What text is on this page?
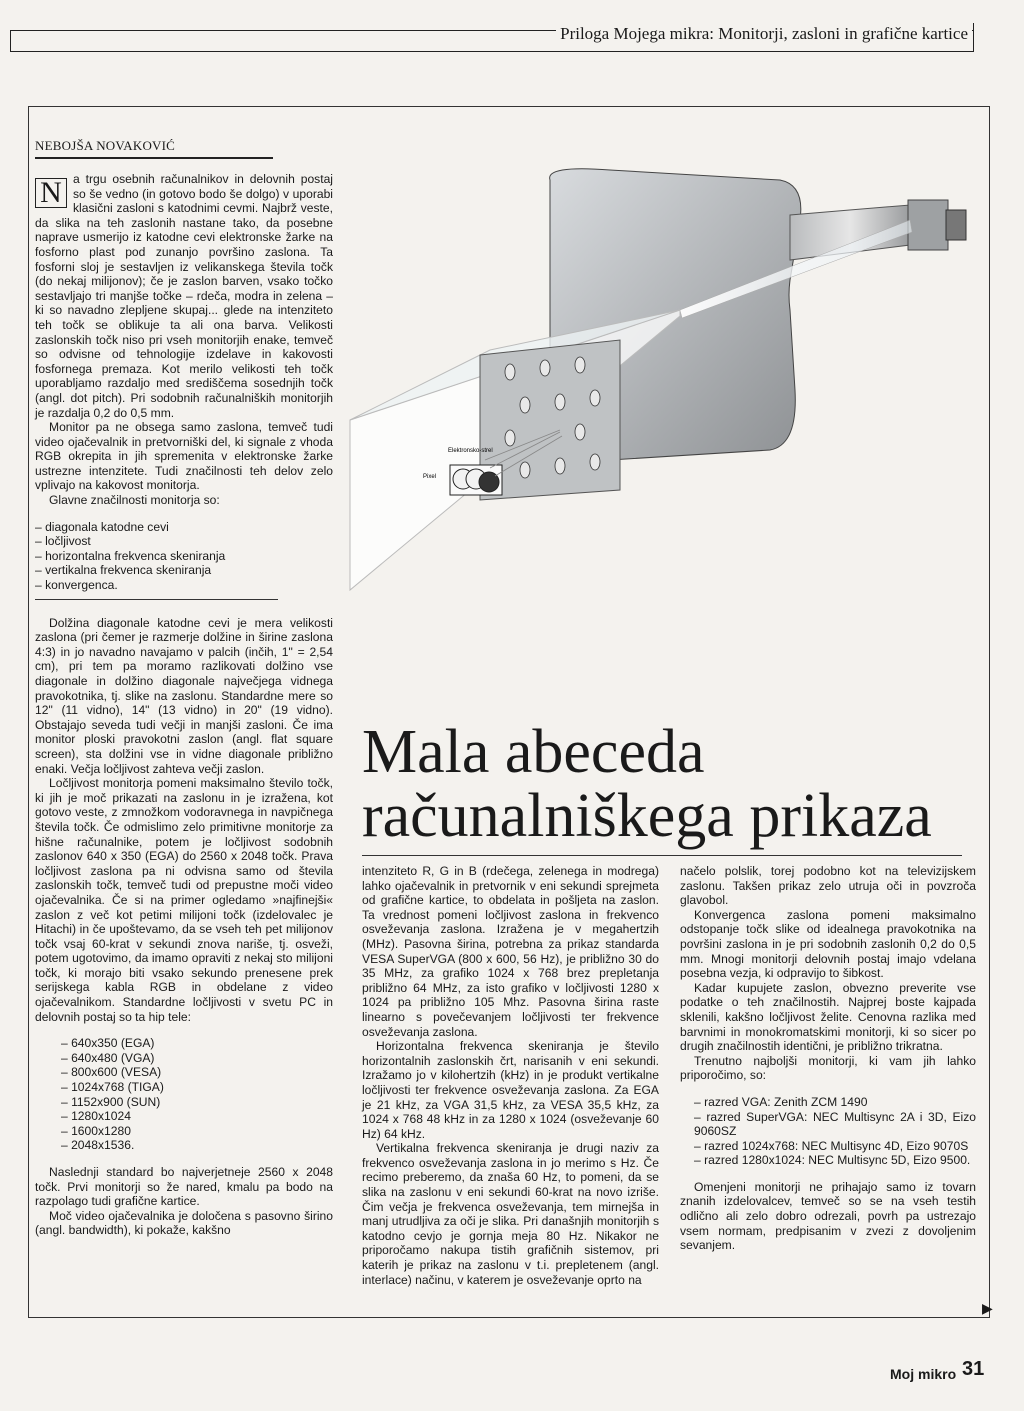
Priloga Mojega mikra: Monitorji, zasloni in grafične kartice
NEBOJŠA NOVAKOVIĆ
Elektronsko-strel
Pixel

N a trgu osebnih računalnikov in delovnih postaj so še vedno (in gotovo bodo še dolgo) v uporabi klasični zasloni s katodnimi cevmi. Najbrž veste, da slika na teh zaslonih nastane tako, da posebne naprave usmerijo iz katodne cevi elektronske žarke na fosforno plast pod zunanjo površino zaslona. Ta fosforni sloj je sestavljen iz velikanskega števila točk (do nekaj milijonov); če je zaslon barven, vsako točko sestavljajo tri manjše točke – rdeča, modra in zelena – ki so navadno zlepljene skupaj... glede na intenziteto teh točk se oblikuje ta ali ona barva. Velikosti zaslonskih točk niso pri vseh monitorjih enake, temveč so odvisne od tehnologije izdelave in kakovosti fosfornega premaza. Kot merilo velikosti teh točk uporabljamo razdaljo med središčema sosednjih točk (angl. dot pitch). Pri sodobnih računalniških monitorjih je razdalja 0,2 do 0,5 mm.

Monitor pa ne obsega samo zaslona, temveč tudi video ojačevalnik in pretvorniški del, ki signale z vhoda RGB okrepita in jih spremenita v elektronske žarke ustrezne intenzitete. Tudi značilnosti teh delov zelo vplivajo na kakovost monitorja.

Glavne značilnosti monitorja so:

– diagonala katodne cevi
– ločljivost
– horizontalna frekvenca skeniranja
– vertikalna frekvenca skeniranja
– konvergenca.

Dolžina diagonale katodne cevi je mera velikosti zaslona (pri čemer je razmerje dolžine in širine zaslona 4:3) in jo navadno navajamo v palcih (inčih, 1" = 2,54 cm), pri tem pa moramo razlikovati dolžino vse diagonale in dolžino diagonale največjega vidnega pravokotnika, tj. slike na zaslonu. Standardne mere so 12" (11 vidno), 14" (13 vidno) in 20" (19 vidno). Obstajajo seveda tudi večji in manjši zasloni. Če ima monitor ploski pravokotni zaslon (angl. flat square screen), sta dolžini vse in vidne diagonale približno enaki. Večja ločljivost zahteva večji zaslon.

Ločljivost monitorja pomeni maksimalno število točk, ki jih je moč prikazati na zaslonu in je izražena, kot gotovo veste, z zmnožkom vodoravnega in navpičnega števila točk. Če odmislimo zelo primitivne monitorje za hišne računalnike, potem je ločljivost sodobnih zaslonov 640 x 350 (EGA) do 2560 x 2048 točk. Prava ločljivost zaslona pa ni odvisna samo od števila zaslonskih točk, temveč tudi od prepustne moči video ojačevalnika. Če si na primer ogledamo »najfinejši« zaslon z več kot petimi milijoni točk (izdelovalec je Hitachi) in če upoštevamo, da se vseh teh pet milijonov točk vsaj 60-krat v sekundi znova nariše, tj. osveži, potem ugotovimo, da imamo opraviti z nekaj sto milijoni točk, ki morajo biti vsako sekundo prenesene prek serijskega kabla RGB in obdelane z video ojačevalnikom. Standardne ločljivosti v svetu PC in delovnih postaj so ta hip tele:

– 640x350 (EGA)
– 640x480 (VGA)
– 800x600 (VESA)
– 1024x768 (TIGA)
– 1152x900 (SUN)
– 1280x1024
– 1600x1280
– 2048x1536.

Naslednji standard bo najverjetneje 2560 x 2048 točk. Prvi monitorji so že nared, kmalu pa bodo na razpolago tudi grafične kartice.

Moč video ojačevalnika je določena s pasovno širino (angl. bandwidth), ki pokaže, kakšno

Mala abeceda
računalniškega prikaza

intenziteto R, G in B (rdečega, zelenega in modrega) lahko ojačevalnik in pretvornik v eni sekundi sprejmeta od grafične kartice, to obdelata in pošljeta na zaslon. Ta vrednost pomeni ločljivost zaslona in frekvenco osveževanja zaslona. Izražena je v megahertzih (MHz). Pasovna širina, potrebna za prikaz standarda VESA SuperVGA (800 x 600, 56 Hz), je približno 30 do 35 MHz, za grafiko 1024 x 768 brez prepletanja približno 64 MHz, za isto grafiko v ločljivosti 1280 x 1024 pa približno 105 Mhz. Pasovna širina raste linearno s povečevanjem ločljivosti ter frekvence osveževanja zaslona.

Horizontalna frekvenca skeniranja je število horizontalnih zaslonskih črt, narisanih v eni sekundi. Izražamo jo v kilohertzih (kHz) in je produkt vertikalne ločljivosti ter frekvence osveževanja zaslona. Za EGA je 21 kHz, za VGA 31,5 kHz, za VESA 35,5 kHz, za 1024 x 768 48 kHz in za 1280 x 1024 (osveževanje 60 Hz) 64 kHz.

Vertikalna frekvenca skeniranja je drugi naziv za frekvenco osveževanja zaslona in jo merimo s Hz. Če recimo preberemo, da znaša 60 Hz, to pomeni, da se slika na zaslonu v eni sekundi 60-krat na novo izriše. Čim večja je frekvenca osveževanja, tem mirnejša in manj utrudljiva za oči je slika. Pri današnjih monitorjih s katodno cevjo je gornja meja 80 Hz. Nikakor ne priporočamo nakupa tistih grafičnih sistemov, pri katerih je prikaz na zaslonu v t.i. prepletenem (angl. interlace) načinu, v katerem je osveževanje oprto na

načelo polslik, torej podobno kot na televizijskem zaslonu. Takšen prikaz zelo utruja oči in povzroča glavobol.

Konvergenca zaslona pomeni maksimalno odstopanje točk slike od idealnega pravokotnika na površini zaslona in je pri sodobnih zaslonih 0,2 do 0,5 mm. Mnogi monitorji delovnih postaj imajo vdelana posebna vezja, ki odpravijo to šibkost.

Kadar kupujete zaslon, obvezno preverite vse podatke o teh značilnostih. Najprej boste kajpada sklenili, kakšno ločljivost želite. Cenovna razlika med barvnimi in monokromatskimi monitorji, ki so sicer po drugih značilnostih identični, je približno trikratna.

Trenutno najboljši monitorji, ki vam jih lahko priporočimo, so:

– razred VGA: Zenith ZCM 1490
– razred SuperVGA: NEC Multisync 2A i 3D, Eizo 9060SZ
– razred 1024x768: NEC Multisync 4D, Eizo 9070S
– razred 1280x1024: NEC Multisync 5D, Eizo 9500.

Omenjeni monitorji ne prihajajo samo iz tovarn znanih izdelovalcev, temveč so se na vseh testih odlično ali zelo dobro odrezali, povrh pa ustrezajo vsem normam, predpisanim v zvezi z dovoljenim sevanjem.

▶
Moj mikro 31
